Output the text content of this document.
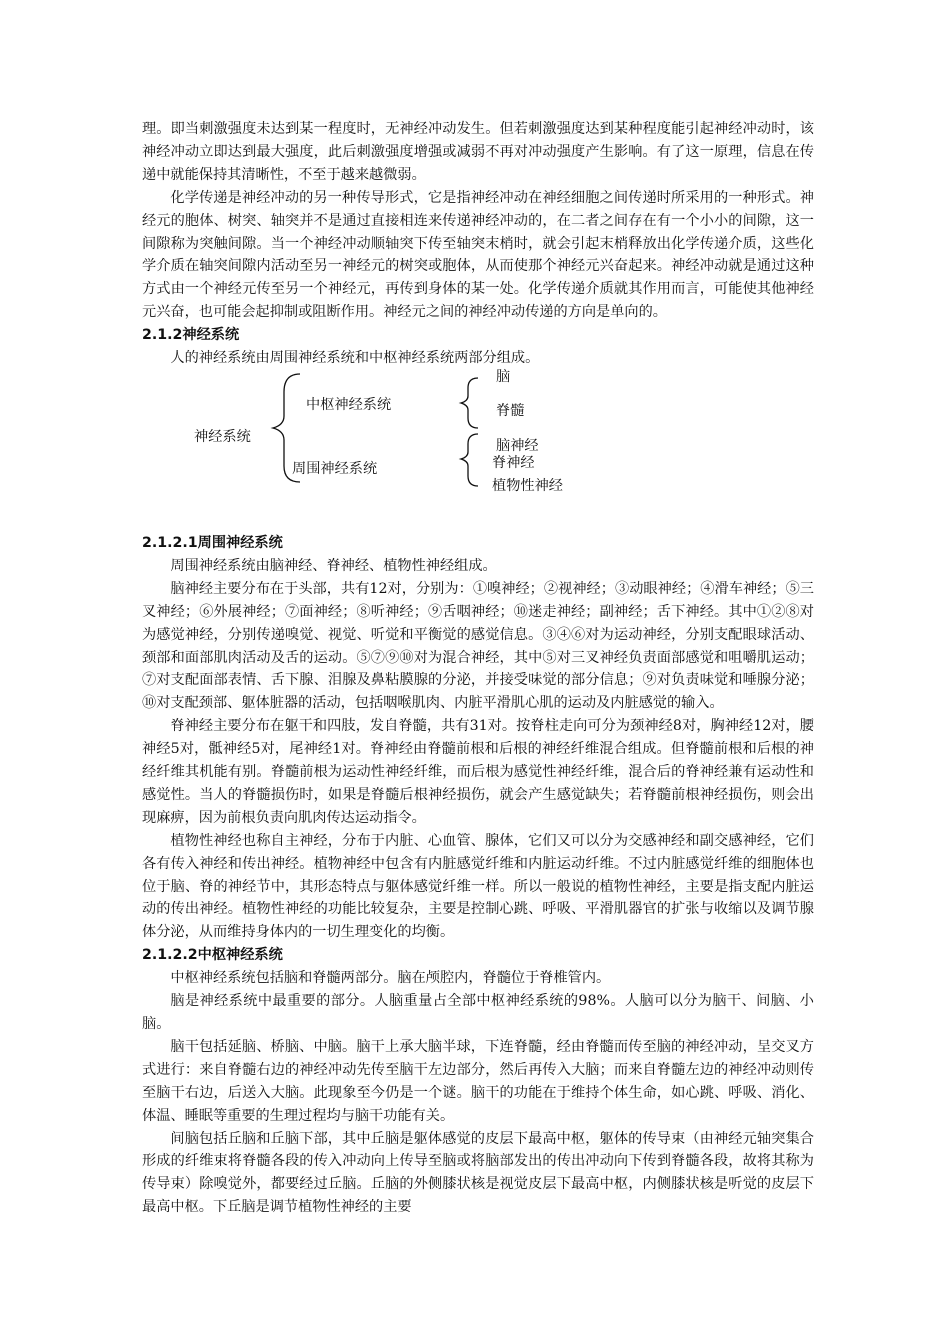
理。即当刺激强度未达到某一程度时，无神经冲动发生。但若刺激强度达到某种程度能引起神经冲动时，该神经冲动立即达到最大强度，此后刺激强度增强或减弱不再对冲动强度产生影响。有了这一原理，信息在传递中就能保持其清晰性，不至于越来越微弱。

化学传递是神经冲动的另一种传导形式，它是指神经冲动在神经细胞之间传递时所采用的一种形式。神经元的胞体、树突、轴突并不是通过直接相连来传递神经冲动的，在二者之间存在有一个小小的间隙，这一间隙称为突触间隙。当一个神经冲动顺轴突下传至轴突末梢时，就会引起末梢释放出化学传递介质，这些化学介质在轴突间隙内活动至另一神经元的树突或胞体，从而使那个神经元兴奋起来。神经冲动就是通过这种方式由一个神经元传至另一个神经元，再传到身体的某一处。化学传递介质就其作用而言，可能使其他神经元兴奋，也可能会起抑制或阻断作用。神经元之间的神经冲动传递的方向是单向的。

2.1.2神经系统

人的神经系统由周围神经系统和中枢神经系统两部分组成。

神经系统
中枢神经系统
周围神经系统
脑
脊髓
脑神经
脊神经
植物性神经

2.1.2.1周围神经系统

周围神经系统由脑神经、脊神经、植物性神经组成。

脑神经主要分布在于头部，共有12对，分别为：①嗅神经；②视神经；③动眼神经；④滑车神经；⑤三叉神经；⑥外展神经；⑦面神经；⑧听神经；⑨舌咽神经；⑩迷走神经；副神经；舌下神经。其中①②⑧对为感觉神经，分别传递嗅觉、视觉、听觉和平衡觉的感觉信息。③④⑥对为运动神经，分别支配眼球活动、颈部和面部肌肉活动及舌的运动。⑤⑦⑨⑩对为混合神经，其中⑤对三叉神经负责面部感觉和咀嚼肌运动；⑦对支配面部表情、舌下腺、泪腺及鼻粘膜腺的分泌，并接受味觉的部分信息；⑨对负责味觉和唾腺分泌；⑩对支配颈部、躯体脏器的活动，包括咽喉肌肉、内脏平滑肌心肌的运动及内脏感觉的输入。

脊神经主要分布在躯干和四肢，发自脊髓，共有31对。按脊柱走向可分为颈神经8对，胸神经12对，腰神经5对，骶神经5对，尾神经1对。脊神经由脊髓前根和后根的神经纤维混合组成。但脊髓前根和后根的神经纤维其机能有别。脊髓前根为运动性神经纤维，而后根为感觉性神经纤维，混合后的脊神经兼有运动性和感觉性。当人的脊髓损伤时，如果是脊髓后根神经损伤，就会产生感觉缺失；若脊髓前根神经损伤，则会出现麻痹，因为前根负责向肌肉传达运动指令。

植物性神经也称自主神经，分布于内脏、心血管、腺体，它们又可以分为交感神经和副交感神经，它们各有传入神经和传出神经。植物神经中包含有内脏感觉纤维和内脏运动纤维。不过内脏感觉纤维的细胞体也位于脑、脊的神经节中，其形态特点与躯体感觉纤维一样。所以一般说的植物性神经，主要是指支配内脏运动的传出神经。植物性神经的功能比较复杂，主要是控制心跳、呼吸、平滑肌器官的扩张与收缩以及调节腺体分泌，从而维持身体内的一切生理变化的均衡。

2.1.2.2中枢神经系统

中枢神经系统包括脑和脊髓两部分。脑在颅腔内，脊髓位于脊椎管内。

脑是神经系统中最重要的部分。人脑重量占全部中枢神经系统的98%。人脑可以分为脑干、间脑、小脑。

脑干包括延脑、桥脑、中脑。脑干上承大脑半球，下连脊髓，经由脊髓而传至脑的神经冲动，呈交叉方式进行：来自脊髓右边的神经冲动先传至脑干左边部分，然后再传入大脑；而来自脊髓左边的神经冲动则传至脑干右边，后送入大脑。此现象至今仍是一个谜。脑干的功能在于维持个体生命，如心跳、呼吸、消化、体温、睡眠等重要的生理过程均与脑干功能有关。

间脑包括丘脑和丘脑下部，其中丘脑是躯体感觉的皮层下最高中枢，躯体的传导束（由神经元轴突集合形成的纤维束将脊髓各段的传入冲动向上传导至脑或将脑部发出的传出冲动向下传到脊髓各段，故将其称为传导束）除嗅觉外，都要经过丘脑。丘脑的外侧膝状核是视觉皮层下最高中枢，内侧膝状核是听觉的皮层下最高中枢。下丘脑是调节植物性神经的主要
